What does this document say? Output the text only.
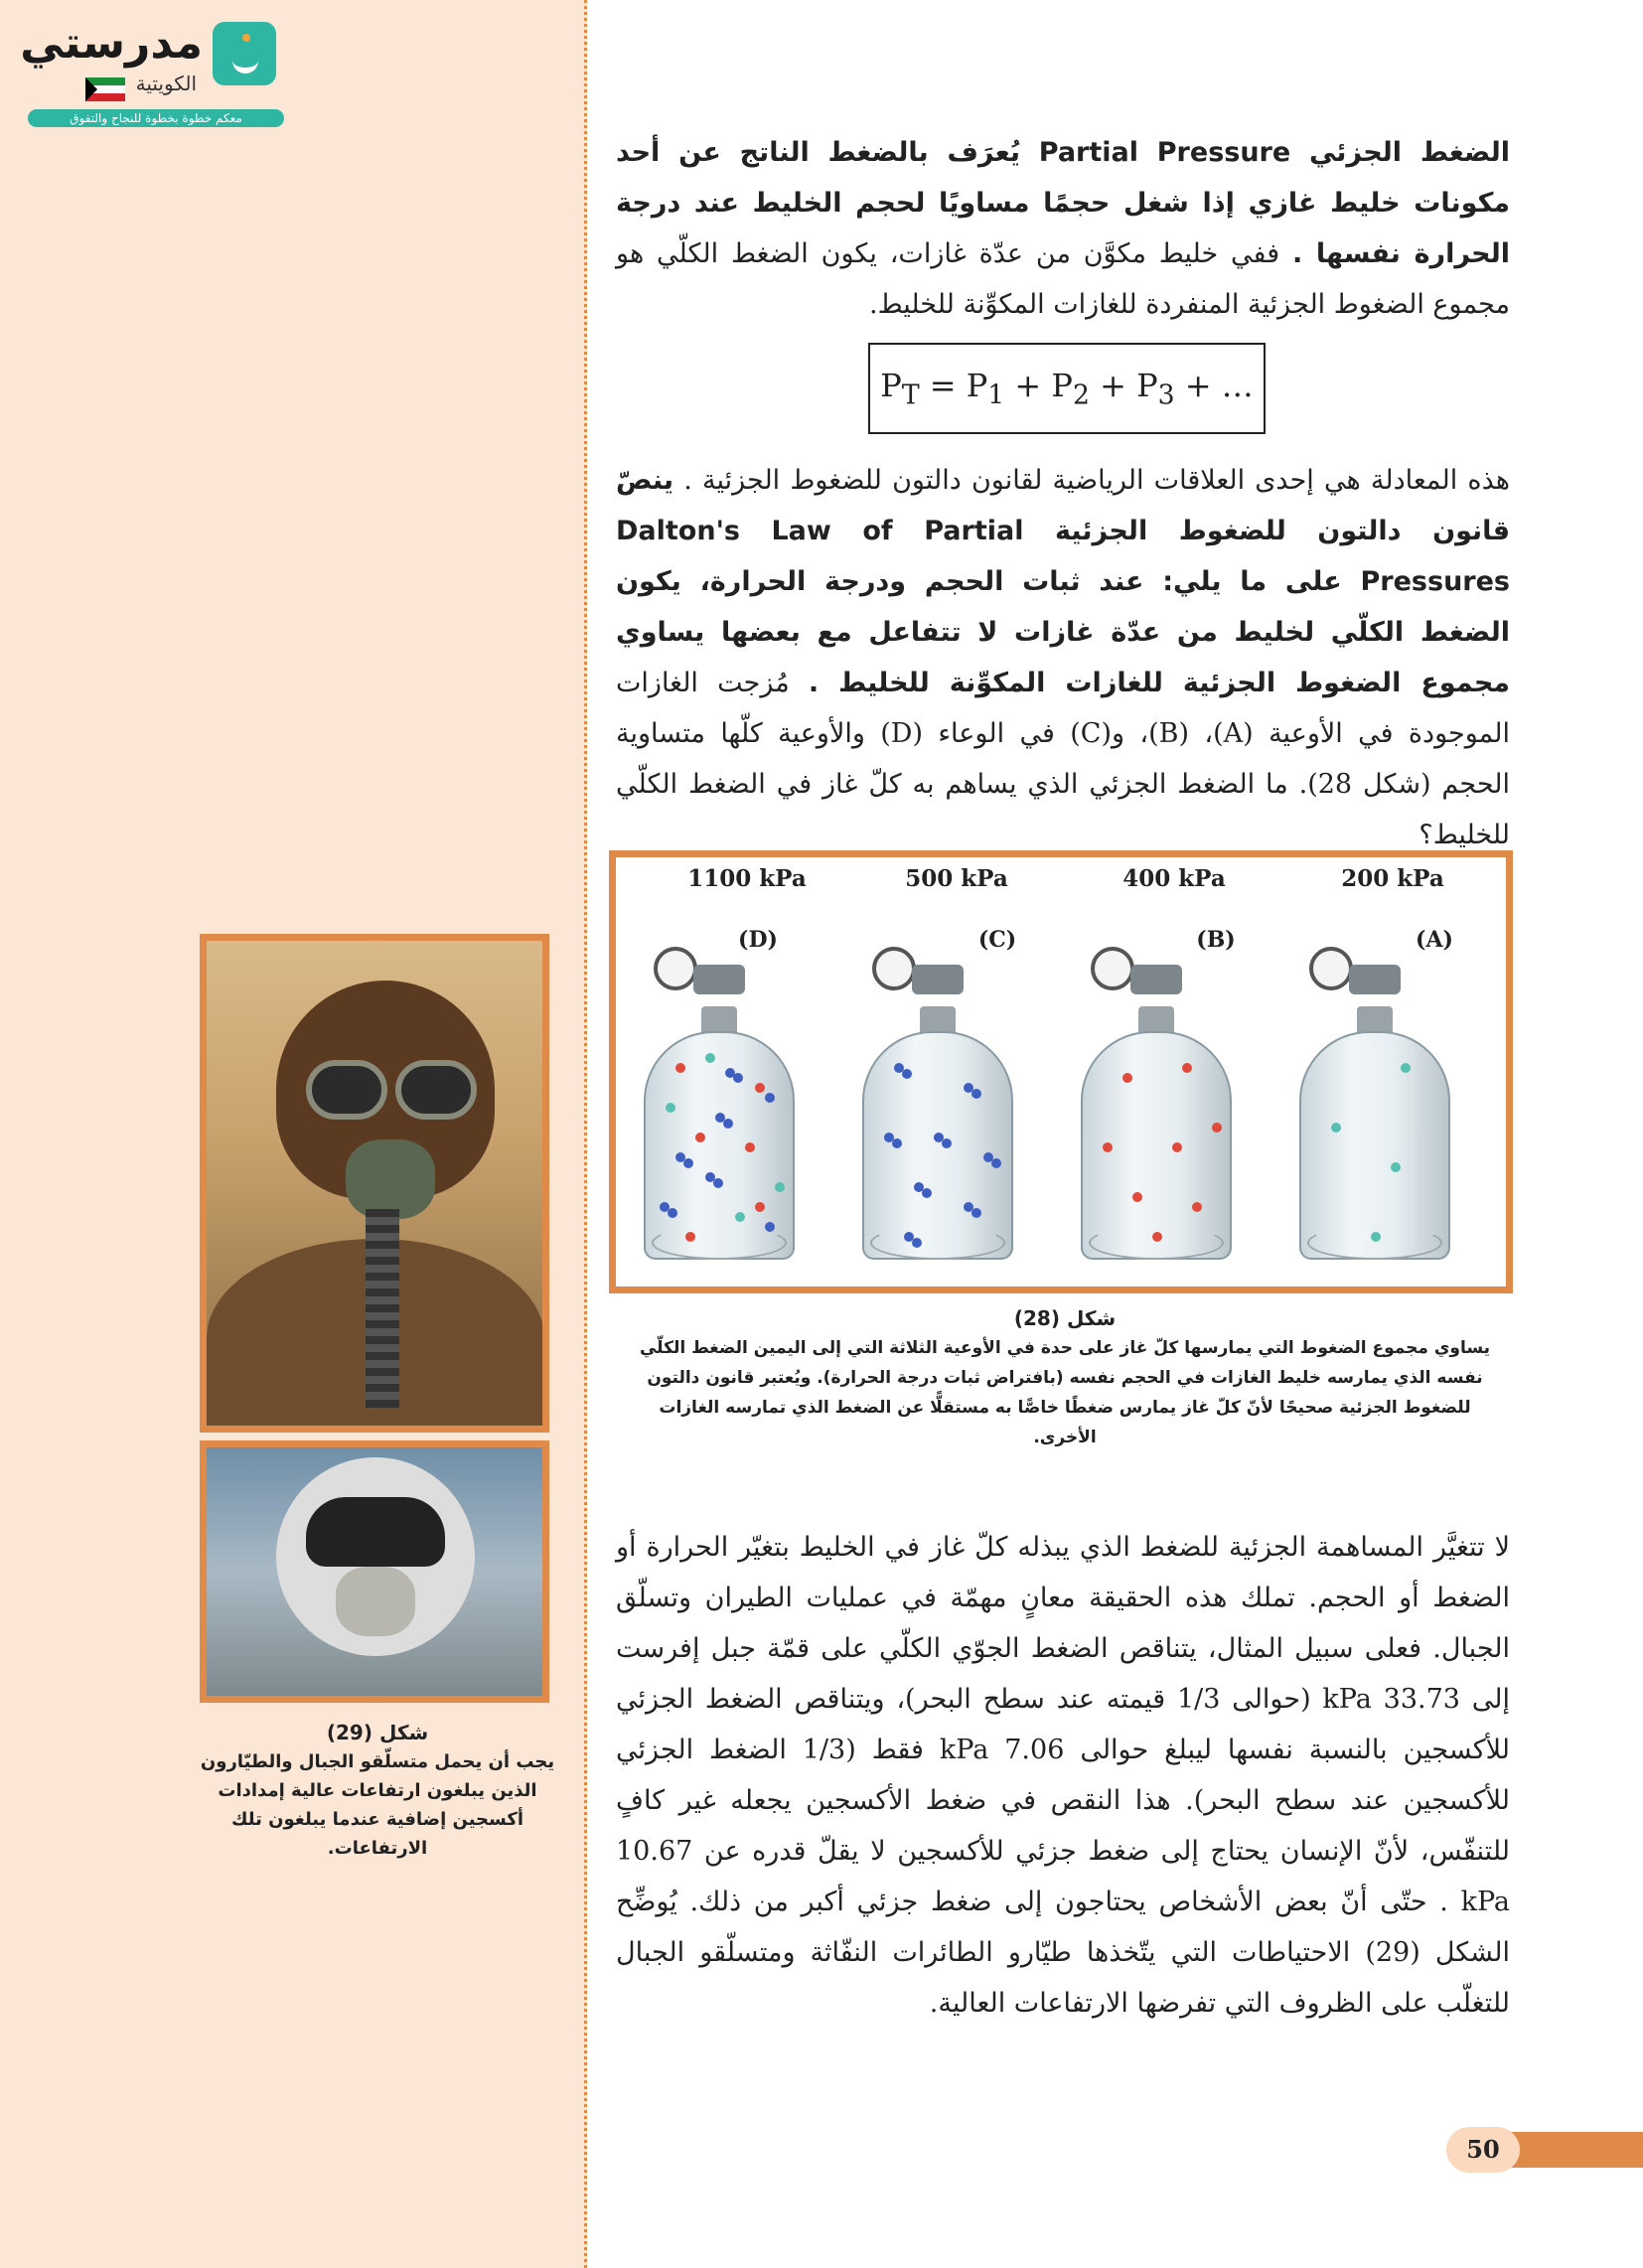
مدرستي
الكويتية
معكم خطوة بخطوة للنجاح والتفوق
شكل (29)
يجب أن يحمل متسلّقو الجبال والطيّارون الذين يبلغون ارتفاعات عالية إمدادات أكسجين إضافية عندما يبلغون تلك الارتفاعات.
الضغط الجزئي Partial Pressure يُعرَف بالضغط الناتج عن أحد مكونات خليط غازي إذا شغل حجمًا مساويًا لحجم الخليط عند درجة الحرارة نفسها . ففي خليط مكوَّن من عدّة غازات، يكون الضغط الكلّي هو مجموع الضغوط الجزئية المنفردة للغازات المكوِّنة للخليط.
$P_T = P_1 + P_2 + P_3$ + …
هذه المعادلة هي إحدى العلاقات الرياضية لقانون دالتون للضغوط الجزئية . ينصّ قانون دالتون للضغوط الجزئية Dalton's Law of Partial Pressures على ما يلي: عند ثبات الحجم ودرجة الحرارة، يكون الضغط الكلّي لخليط من عدّة غازات لا تتفاعل مع بعضها يساوي مجموع الضغوط الجزئية للغازات المكوِّنة للخليط . مُزجت الغازات الموجودة في الأوعية (A)، (B)، و(C) في الوعاء (D) والأوعية كلّها متساوية الحجم (شكل 28). ما الضغط الجزئي الذي يساهم به كلّ غاز في الضغط الكلّي للخليط؟
1100 kPa	500 kPa	400 kPa	200 kPa
(D)	(C)	(B)	(A)
شكل (28)
يساوي مجموع الضغوط التي يمارسها كلّ غاز على حدة في الأوعية الثلاثة التي إلى اليمين الضغط الكلّي نفسه الذي يمارسه خليط الغازات في الحجم نفسه (بافتراض ثبات درجة الحرارة). ويُعتبر قانون دالتون للضغوط الجزئية صحيحًا لأنّ كلّ غاز يمارس ضغطًا خاصًّا به مستقلًّا عن الضغط الذي تمارسه الغازات الأخرى.
لا تتغيَّر المساهمة الجزئية للضغط الذي يبذله كلّ غاز في الخليط بتغيّر الحرارة أو الضغط أو الحجم. تملك هذه الحقيقة معانٍ مهمّة في عمليات الطيران وتسلّق الجبال. فعلى سبيل المثال، يتناقص الضغط الجوّي الكلّي على قمّة جبل إفرست إلى 33.73 kPa (حوالى 1/3 قيمته عند سطح البحر)، ويتناقص الضغط الجزئي للأكسجين بالنسبة نفسها ليبلغ حوالى 7.06 kPa فقط (1/3 الضغط الجزئي للأكسجين عند سطح البحر). هذا النقص في ضغط الأكسجين يجعله غير كافٍ للتنفّس، لأنّ الإنسان يحتاج إلى ضغط جزئي للأكسجين لا يقلّ قدره عن 10.67 kPa . حتّى أنّ بعض الأشخاص يحتاجون إلى ضغط جزئي أكبر من ذلك. يُوضِّح الشكل (29) الاحتياطات التي يتّخذها طيّارو الطائرات النفّاثة ومتسلّقو الجبال للتغلّب على الظروف التي تفرضها الارتفاعات العالية.
50
